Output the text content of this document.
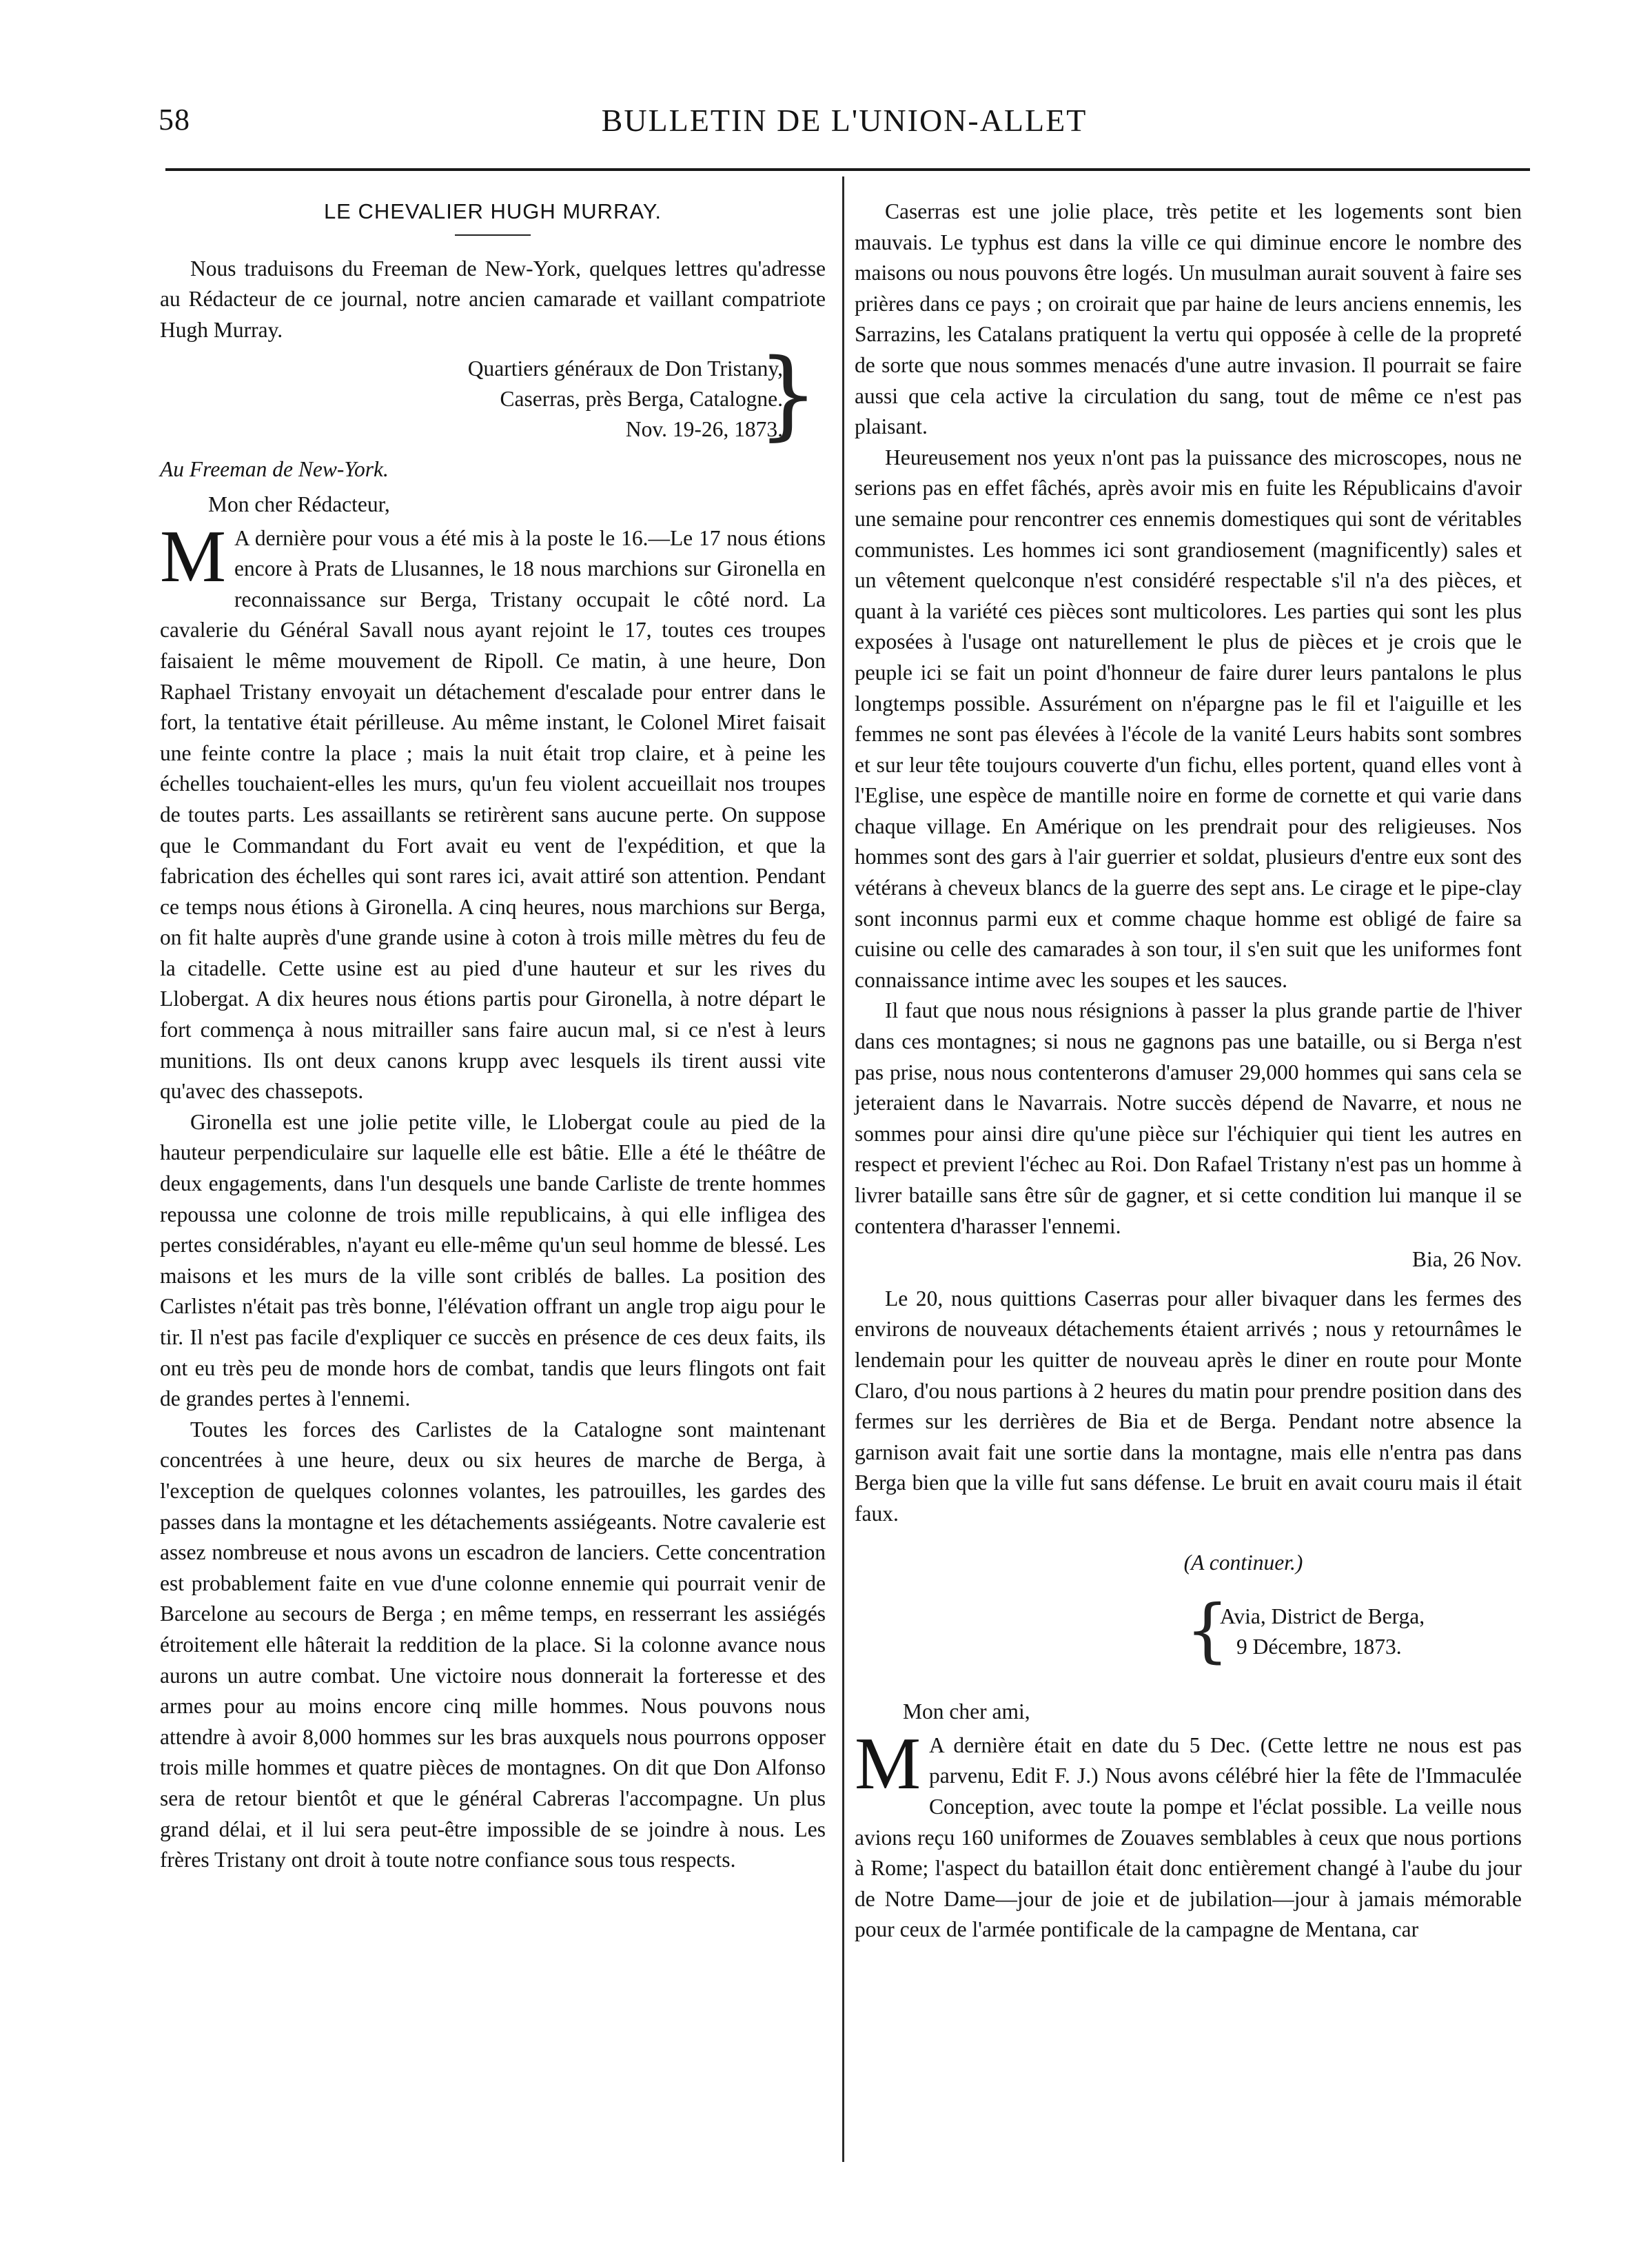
58	BULLETIN DE L'UNION-ALLET
LE CHEVALIER HUGH MURRAY.

Nous traduisons du Freeman de New-York, quelques lettres qu'adresse au Rédacteur de ce journal, notre ancien camarade et vaillant compatriote Hugh Murray.

Quartiers généraux de Don Tristany,
Caserras, près Berga, Catalogne.
Nov. 19-26, 1873.
}
Au Freeman de New-York.
Mon cher Rédacteur,

M A dernière pour vous a été mis à la poste le 16.—Le 17 nous étions encore à Prats de Llusannes, le 18 nous marchions sur Gironella en reconnaissance sur Berga, Tristany occupait le côté nord. La cavalerie du Général Savall nous ayant rejoint le 17, toutes ces troupes faisaient le même mouvement de Ripoll. Ce matin, à une heure, Don Raphael Tristany envoyait un détachement d'escalade pour entrer dans le fort, la tentative était périlleuse. Au même instant, le Colonel Miret faisait une feinte contre la place ; mais la nuit était trop claire, et à peine les échelles touchaient-elles les murs, qu'un feu violent accueillait nos troupes de toutes parts. Les assaillants se retirèrent sans aucune perte. On suppose que le Commandant du Fort avait eu vent de l'expédition, et que la fabrication des échelles qui sont rares ici, avait attiré son attention. Pendant ce temps nous étions à Gironella. A cinq heures, nous marchions sur Berga, on fit halte auprès d'une grande usine à coton à trois mille mètres du feu de la citadelle. Cette usine est au pied d'une hauteur et sur les rives du Llobergat. A dix heures nous étions partis pour Gironella, à notre départ le fort commença à nous mitrailler sans faire aucun mal, si ce n'est à leurs munitions. Ils ont deux canons krupp avec lesquels ils tirent aussi vite qu'avec des chassepots.

Gironella est une jolie petite ville, le Llobergat coule au pied de la hauteur perpendiculaire sur laquelle elle est bâtie. Elle a été le théâtre de deux engagements, dans l'un desquels une bande Carliste de trente hommes repoussa une colonne de trois mille republicains, à qui elle infligea des pertes considérables, n'ayant eu elle-même qu'un seul homme de blessé. Les maisons et les murs de la ville sont criblés de balles. La position des Carlistes n'était pas très bonne, l'élévation offrant un angle trop aigu pour le tir. Il n'est pas facile d'expliquer ce succès en présence de ces deux faits, ils ont eu très peu de monde hors de combat, tandis que leurs flingots ont fait de grandes pertes à l'ennemi.

Toutes les forces des Carlistes de la Catalogne sont maintenant concentrées à une heure, deux ou six heures de marche de Berga, à l'exception de quelques colonnes volantes, les patrouilles, les gardes des passes dans la montagne et les détachements assiégeants. Notre cavalerie est assez nombreuse et nous avons un escadron de lanciers. Cette concentration est probablement faite en vue d'une colonne ennemie qui pourrait venir de Barcelone au secours de Berga ; en même temps, en resserrant les assiégés étroitement elle hâterait la reddition de la place. Si la colonne avance nous aurons un autre combat. Une victoire nous donnerait la forteresse et des armes pour au moins encore cinq mille hommes. Nous pouvons nous attendre à avoir 8,000 hommes sur les bras auxquels nous pourrons opposer trois mille hommes et quatre pièces de montagnes. On dit que Don Alfonso sera de retour bientôt et que le général Cabreras l'accompagne. Un plus grand délai, et il lui sera peut-être impossible de se joindre à nous. Les frères Tristany ont droit à toute notre confiance sous tous respects.

Caserras est une jolie place, très petite et les logements sont bien mauvais. Le typhus est dans la ville ce qui diminue encore le nombre des maisons ou nous pouvons être logés. Un musulman aurait souvent à faire ses prières dans ce pays ; on croirait que par haine de leurs anciens ennemis, les Sarrazins, les Catalans pratiquent la vertu qui opposée à celle de la propreté de sorte que nous sommes menacés d'une autre invasion. Il pourrait se faire aussi que cela active la circulation du sang, tout de même ce n'est pas plaisant.

Heureusement nos yeux n'ont pas la puissance des microscopes, nous ne serions pas en effet fâchés, après avoir mis en fuite les Républicains d'avoir une semaine pour rencontrer ces ennemis domestiques qui sont de véritables communistes. Les hommes ici sont grandiosement (magnificently) sales et un vêtement quelconque n'est considéré respectable s'il n'a des pièces, et quant à la variété ces pièces sont multicolores. Les parties qui sont les plus exposées à l'usage ont naturellement le plus de pièces et je crois que le peuple ici se fait un point d'honneur de faire durer leurs pantalons le plus longtemps possible. Assurément on n'épargne pas le fil et l'aiguille et les femmes ne sont pas élevées à l'école de la vanité Leurs habits sont sombres et sur leur tête toujours couverte d'un fichu, elles portent, quand elles vont à l'Eglise, une espèce de mantille noire en forme de cornette et qui varie dans chaque village. En Amérique on les prendrait pour des religieuses. Nos hommes sont des gars à l'air guerrier et soldat, plusieurs d'entre eux sont des vétérans à cheveux blancs de la guerre des sept ans. Le cirage et le pipe-clay sont inconnus parmi eux et comme chaque homme est obligé de faire sa cuisine ou celle des camarades à son tour, il s'en suit que les uniformes font connaissance intime avec les soupes et les sauces.

Il faut que nous nous résignions à passer la plus grande partie de l'hiver dans ces montagnes; si nous ne gagnons pas une bataille, ou si Berga n'est pas prise, nous nous contenterons d'amuser 29,000 hommes qui sans cela se jeteraient dans le Navarrais. Notre succès dépend de Navarre, et nous ne sommes pour ainsi dire qu'une pièce sur l'échiquier qui tient les autres en respect et previent l'échec au Roi. Don Rafael Tristany n'est pas un homme à livrer bataille sans être sûr de gagner, et si cette condition lui manque il se contentera d'harasser l'ennemi.

Bia, 26 Nov.

Le 20, nous quittions Caserras pour aller bivaquer dans les fermes des environs de nouveaux détachements étaient arrivés ; nous y retournâmes le lendemain pour les quitter de nouveau après le diner en route pour Monte Claro, d'ou nous partions à 2 heures du matin pour prendre position dans des fermes sur les derrières de Bia et de Berga. Pendant notre absence la garnison avait fait une sortie dans la montagne, mais elle n'entra pas dans Berga bien que la ville fut sans défense. Le bruit en avait couru mais il était faux.

(A continuer.)
{
Avia, District de Berga,
9 Décembre, 1873.
Mon cher ami,

M A dernière était en date du 5 Dec. (Cette lettre ne nous est pas parvenu, Edit F. J.) Nous avons célébré hier la fête de l'Immaculée Conception, avec toute la pompe et l'éclat possible. La veille nous avions reçu 160 uniformes de Zouaves semblables à ceux que nous portions à Rome; l'aspect du bataillon était donc entièrement changé à l'aube du jour de Notre Dame—jour de joie et de jubilation—jour à jamais mémorable pour ceux de l'armée pontificale de la campagne de Mentana, car
